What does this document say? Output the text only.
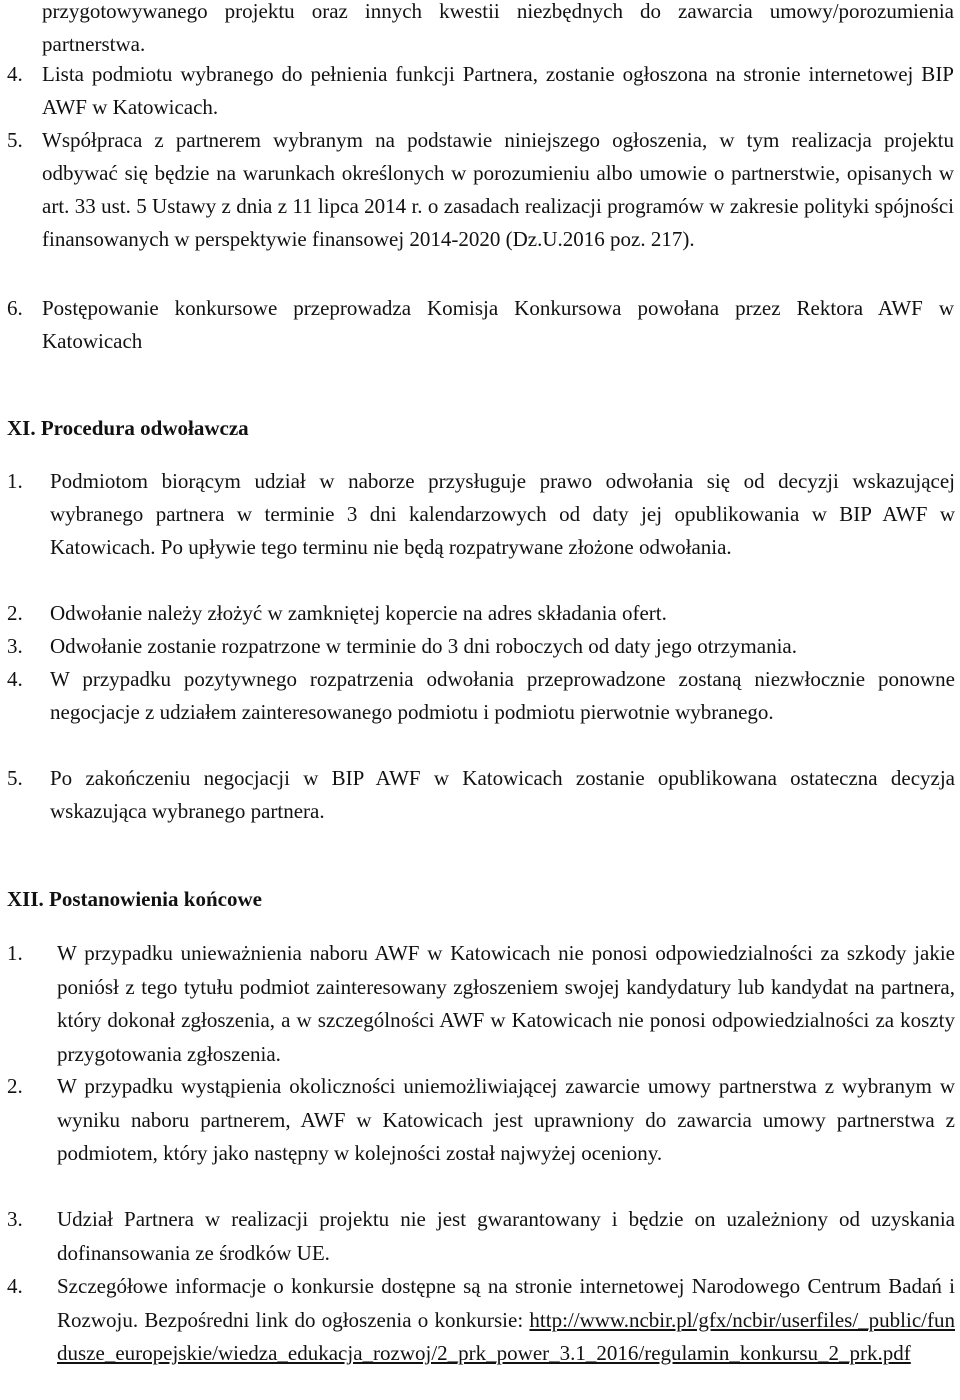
przygotowywanego projektu oraz innych kwestii niezbędnych do zawarcia umowy/porozumienia partnerstwa.

4. Lista podmiotu wybranego do pełnienia funkcji Partnera, zostanie ogłoszona na stronie internetowej BIP AWF w Katowicach.

5. Współpraca z partnerem wybranym na podstawie niniejszego ogłoszenia, w tym realizacja projektu odbywać się będzie na warunkach określonych w porozumieniu albo umowie o partnerstwie, opisanych w art. 33 ust. 5 Ustawy z dnia z 11 lipca 2014 r. o zasadach realizacji programów w zakresie polityki spójności finansowanych w perspektywie finansowej 2014-2020 (Dz.U.2016 poz. 217).

6. Postępowanie konkursowe przeprowadza Komisja Konkursowa powołana przez Rektora AWF w Katowicach

XI. Procedura odwoławcza
1. Podmiotom biorącym udział w naborze przysługuje prawo odwołania się od decyzji wskazującej wybranego partnera w terminie 3 dni kalendarzowych od daty jej opublikowania w BIP AWF w Katowicach. Po upływie tego terminu nie będą rozpatrywane złożone odwołania.

2. Odwołanie należy złożyć w zamkniętej kopercie na adres składania ofert.

3. Odwołanie zostanie rozpatrzone w terminie do 3 dni roboczych od daty jego otrzymania.

4. W przypadku pozytywnego rozpatrzenia odwołania przeprowadzone zostaną niezwłocznie ponowne negocjacje z udziałem zainteresowanego podmiotu i podmiotu pierwotnie wybranego.

5. Po zakończeniu negocjacji w BIP AWF w Katowicach zostanie opublikowana ostateczna decyzja wskazująca wybranego partnera.

XII. Postanowienia końcowe
1. W przypadku unieważnienia naboru AWF w Katowicach nie ponosi odpowiedzialności za szkody jakie poniósł z tego tytułu podmiot zainteresowany zgłoszeniem swojej kandydatury lub kandydat na partnera, który dokonał zgłoszenia, a w szczególności AWF w Katowicach nie ponosi odpowiedzialności za koszty przygotowania zgłoszenia.

2. W przypadku wystąpienia okoliczności uniemożliwiającej zawarcie umowy partnerstwa z wybranym w wyniku naboru partnerem, AWF w Katowicach jest uprawniony do zawarcia umowy partnerstwa z podmiotem, który jako następny w kolejności został najwyżej oceniony.

3. Udział Partnera w realizacji projektu nie jest gwarantowany i będzie on uzależniony od uzyskania dofinansowania ze środków UE.

4. Szczegółowe informacje o konkursie dostępne są na stronie internetowej Narodowego Centrum Badań i Rozwoju. Bezpośredni link do ogłoszenia o konkursie: http://www.ncbir.pl/gfx/ncbir/userfiles/_public/fundusze_europejskie/wiedza_edukacja_rozwoj/2_prk_power_3.1_2016/regulamin_konkursu_2_prk.pdf
